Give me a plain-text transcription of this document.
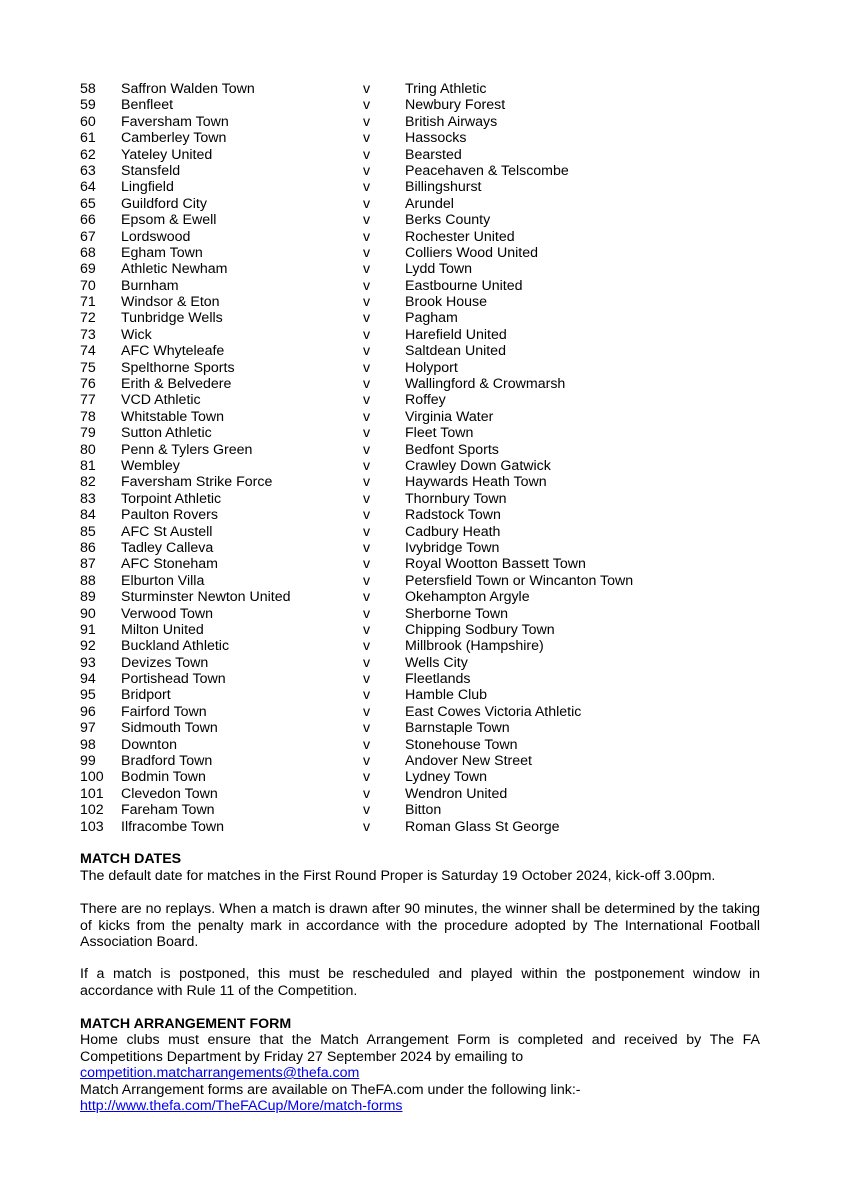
58 Saffron Walden Town	v Tring Athletic
59 Benfleet	v Newbury Forest
60 Faversham Town	v British Airways
61 Camberley Town	v Hassocks
62 Yateley United	v Bearsted
63 Stansfeld	v Peacehaven & Telscombe
64 Lingfield	v Billingshurst
65 Guildford City	v Arundel
66 Epsom & Ewell	v Berks County
67 Lordswood	v Rochester United
68 Egham Town	v Colliers Wood United
69 Athletic Newham	v Lydd Town
70 Burnham	v Eastbourne United
71 Windsor & Eton	v Brook House
72 Tunbridge Wells	v Pagham
73 Wick	v Harefield United
74 AFC Whyteleafe	v Saltdean United
75 Spelthorne Sports	v Holyport
76 Erith & Belvedere	v Wallingford & Crowmarsh
77 VCD Athletic	v Roffey
78 Whitstable Town	v Virginia Water
79 Sutton Athletic	v Fleet Town
80 Penn & Tylers Green	v Bedfont Sports
81 Wembley	v Crawley Down Gatwick
82 Faversham Strike Force	v Haywards Heath Town
83 Torpoint Athletic	v Thornbury Town
84 Paulton Rovers	v Radstock Town
85 AFC St Austell	v Cadbury Heath
86 Tadley Calleva	v Ivybridge Town
87 AFC Stoneham	v Royal Wootton Bassett Town
88 Elburton Villa	v Petersfield Town or Wincanton Town
89 Sturminster Newton United	v Okehampton Argyle
90 Verwood Town	v Sherborne Town
91 Milton United	v Chipping Sodbury Town
92 Buckland Athletic	v Millbrook (Hampshire)
93 Devizes Town	v Wells City
94 Portishead Town	v Fleetlands
95 Bridport	v Hamble Club
96 Fairford Town	v East Cowes Victoria Athletic
97 Sidmouth Town	v Barnstaple Town
98 Downton	v Stonehouse Town
99 Bradford Town	v Andover New Street
100 Bodmin Town	v Lydney Town
101 Clevedon Town	v Wendron United
102 Fareham Town	v Bitton
103 Ilfracombe Town	v Roman Glass St George
MATCH DATES
The default date for matches in the First Round Proper is Saturday 19 October 2024, kick-off 3.00pm.
There are no replays. When a match is drawn after 90 minutes, the winner shall be determined by the taking of kicks from the penalty mark in accordance with the procedure adopted by The International Football Association Board.
If a match is postponed, this must be rescheduled and played within the postponement window in accordance with Rule 11 of the Competition.
MATCH ARRANGEMENT FORM
Home clubs must ensure that the Match Arrangement Form is completed and received by The FA Competitions Department by Friday 27 September 2024 by emailing to
competition.matcharrangements@thefa.com
Match Arrangement forms are available on TheFA.com under the following link:-
http://www.thefa.com/TheFACup/More/match-forms
